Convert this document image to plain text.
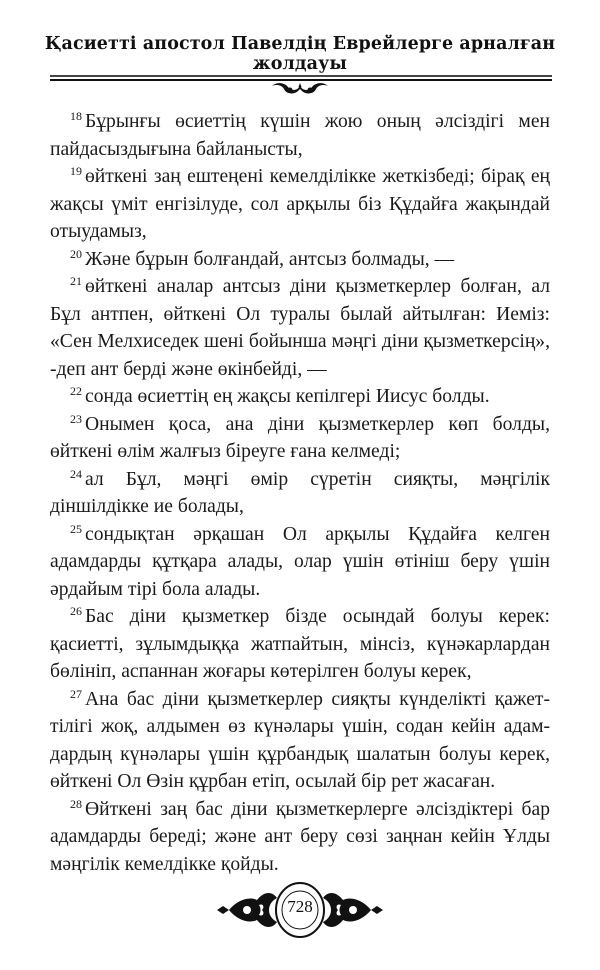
Қасиетті апостол Павелдің Еврейлерге арналған жолдауы

$^{18}$ Бұрынғы өсиеттің күшін жою оның әлсіздігі мен пайдасыздығына байланысты,

$^{19}$ өйткені заң ештеңені кемелділікке жеткізбеді; бірақ ең жақсы үміт енгізілуде, сол арқылы біз Құдайға жақындай отыудамыз,

$^{20}$ Және бұрын болғандай, антсыз болмады, —

$^{21}$ өйткені аналар антсыз діни қызметкерлер болған, ал Бұл антпен, өйткені Ол туралы былай айтылған: Иеміз: «Сен Мелхиседек шені бойынша мәңгі діни қызметкерсің», -деп ант берді және өкінбейді, —

$^{22}$ сонда өсиеттің ең жақсы кепілгері Иисус болды.

$^{23}$ Онымен қоса, ана діни қызметкерлер көп болды, өйткені өлім жалғыз біреуге ғана келмеді;

$^{24}$ ал Бұл, мәңгі өмір сүретін сияқты, мәңгілік діншілдікке ие болады,

$^{25}$ сондықтан әрқашан Ол арқылы Құдайға келген адамдарды құтқара алады, олар үшін өтініш беру үшін әрдайым тірі бола алады.

$^{26}$ Бас діни қызметкер бізде осындай болуы керек: қасиетті, зұлымдыққа жатпайтын, мінсіз, күнәкарлардан бөлініп, аспаннан жоғары көтерілген болуы керек,

$^{27}$ Ана бас діни қызметкерлер сияқты күнделікті қажет-тілігі жоқ, алдымен өз күнәлары үшін, содан кейін адам-дардың күнәлары үшін құрбандық шалатын болуы керек, өйткені Ол Өзін құрбан етіп, осылай бір рет жасаған.

$^{28}$ Өйткені заң бас діни қызметкерлерге әлсіздіктері бар адамдарды береді; және ант беру сөзі заңнан кейін Ұлды мәңгілік кемелдікке қойды.

728
